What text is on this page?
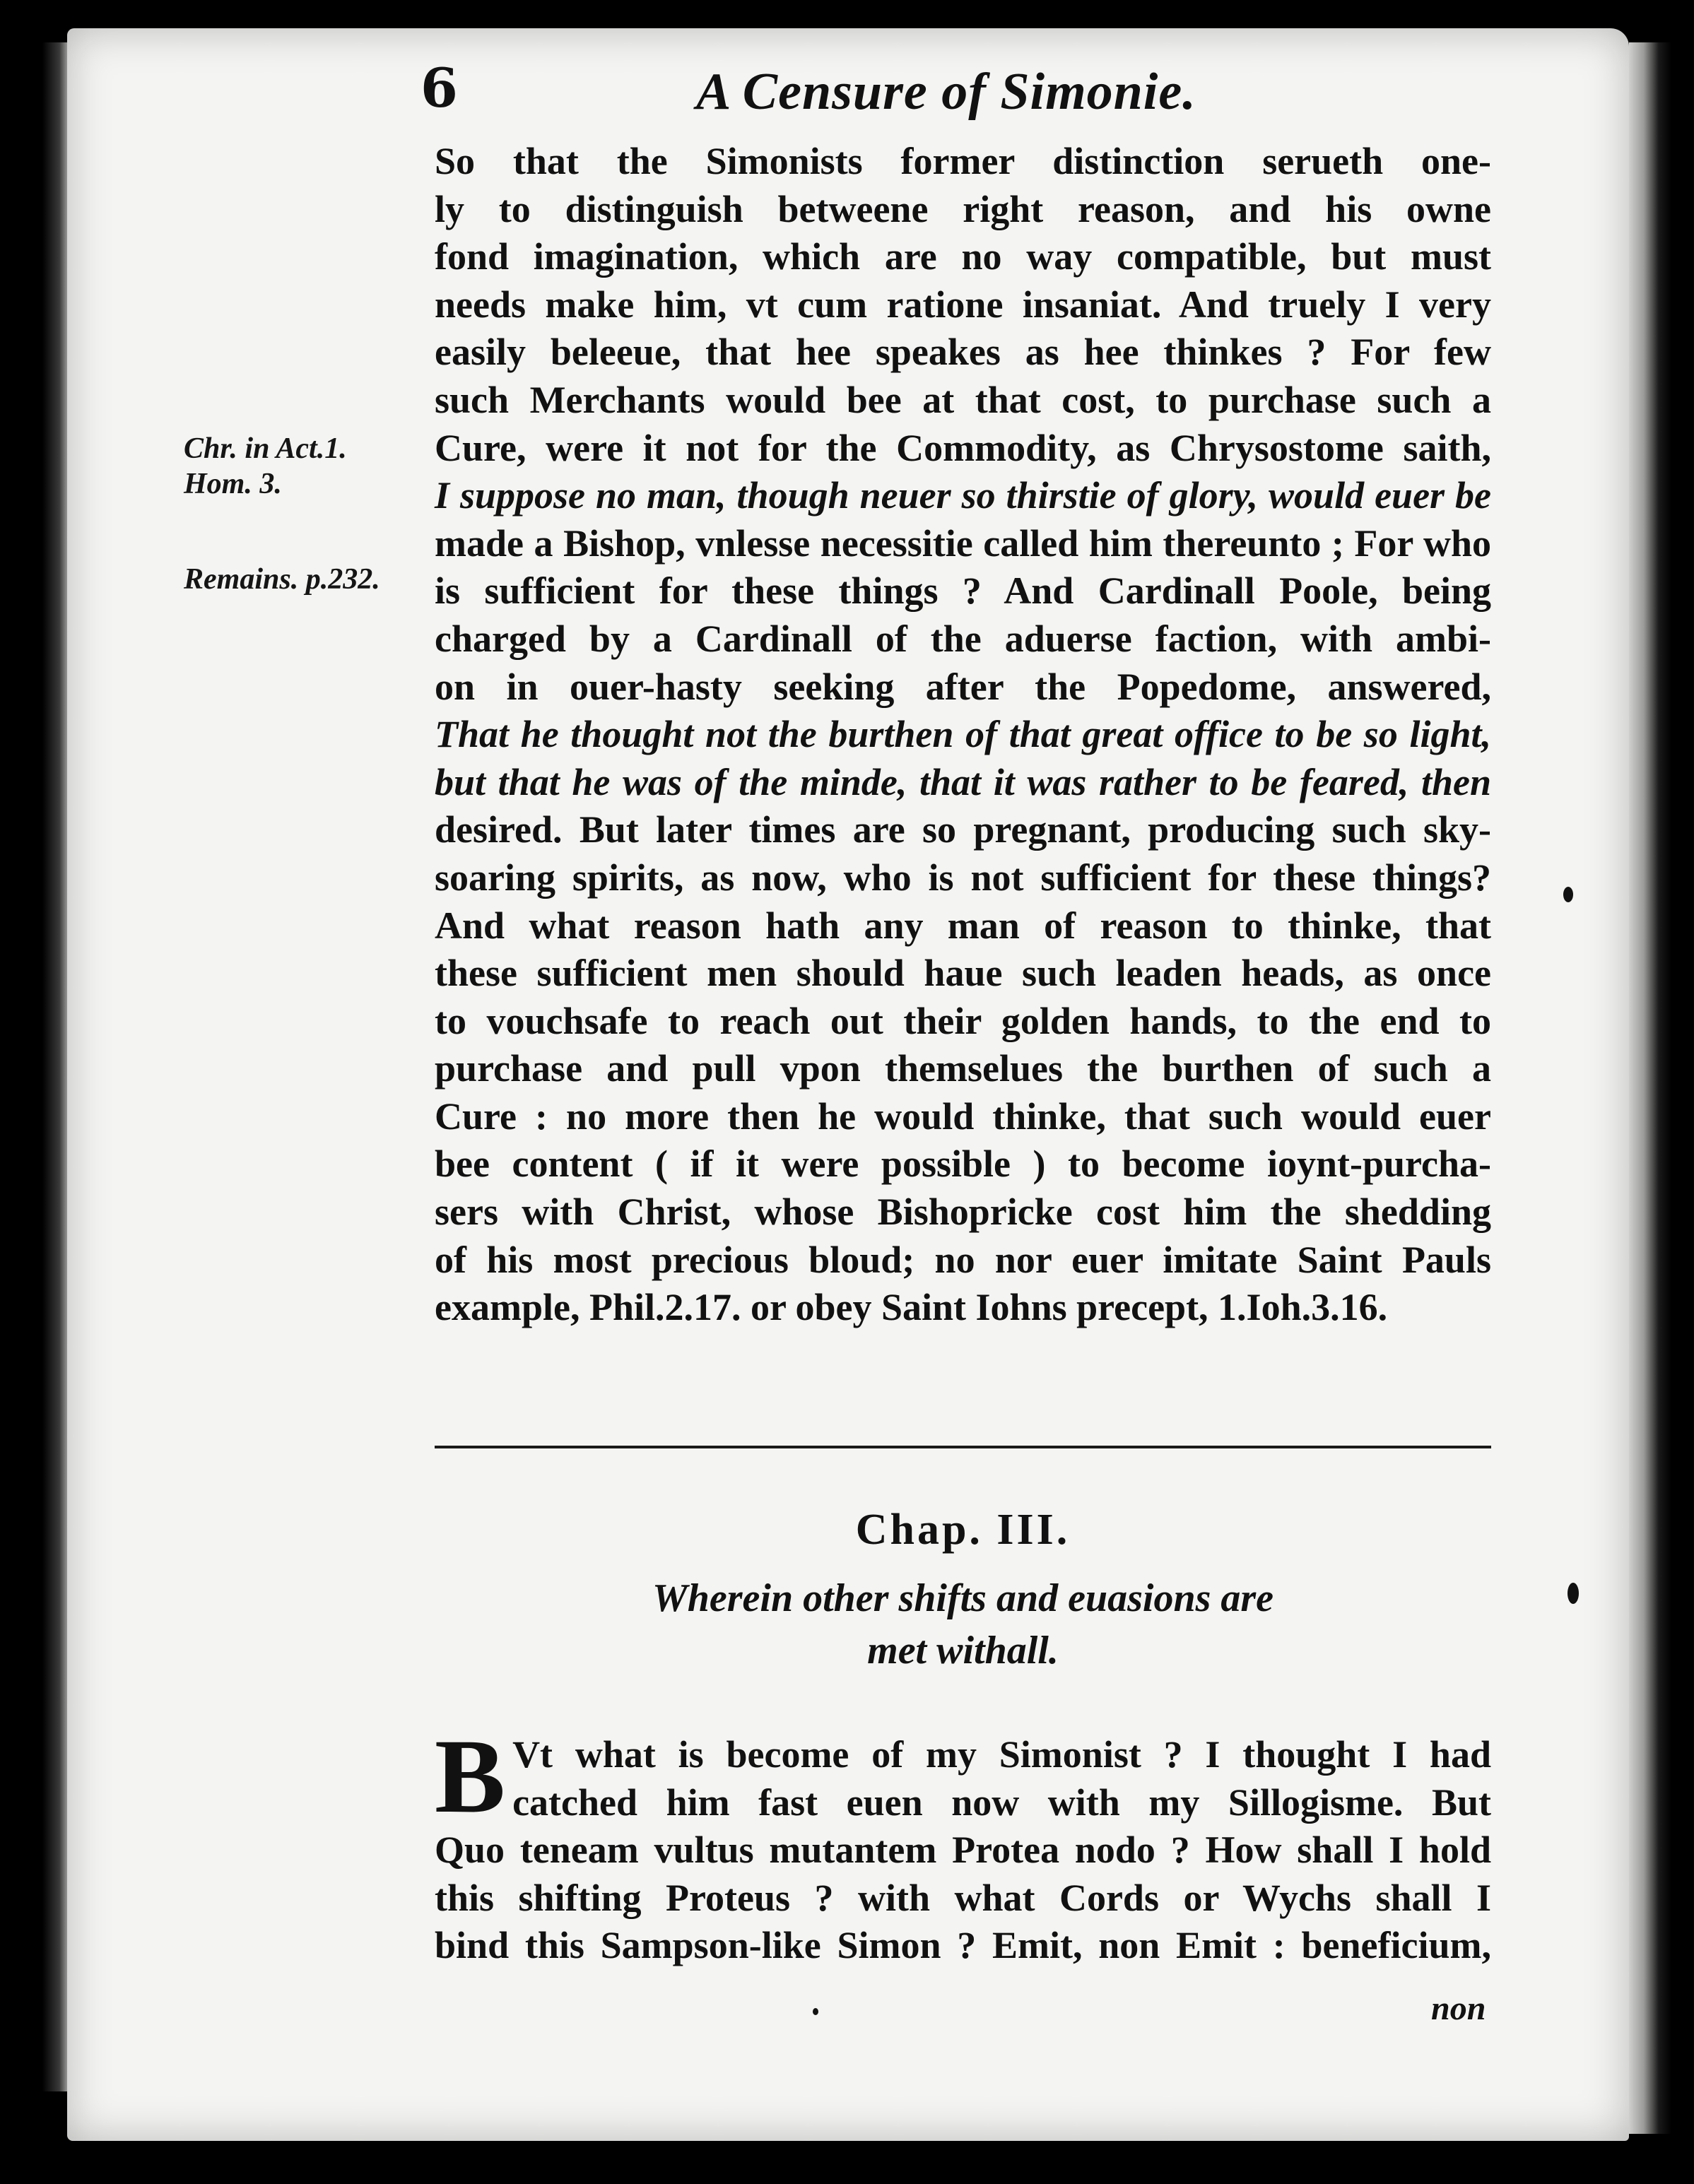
6	A Censure of Simonie.
Chr. in Act.1.
Hom. 3.
Remains. p.232.
So that the Simonists former distinction serueth one-
ly to distinguish betweene right reason, and his owne
fond imagination, which are no way compatible, but must
needs make him, vt cum ratione insaniat. And truely I very
easily beleeue, that hee speakes as hee thinkes ? For few
such Merchants would bee at that cost, to purchase such a
Cure, were it not for the Commodity, as Chrysostome saith,
I suppose no man, though neuer so thirstie of glory, would euer be
made a Bishop, vnlesse necessitie called him thereunto ; For who
is sufficient for these things ? And Cardinall Poole, being
charged by a Cardinall of the aduerse faction, with ambi-
on in ouer-hasty seeking after the Popedome, answered,
That he thought not the burthen of that great office to be so light,
but that he was of the minde, that it was rather to be feared, then
desired. But later times are so pregnant, producing such sky-
soaring spirits, as now, who is not sufficient for these things?
And what reason hath any man of reason to thinke, that
these sufficient men should haue such leaden heads, as once
to vouchsafe to reach out their golden hands, to the end to
purchase and pull vpon themselues the burthen of such a
Cure : no more then he would thinke, that such would euer
bee content ( if it were possible ) to become ioynt-purcha-
sers with Christ, whose Bishopricke cost him the shedding
of his most precious bloud; no nor euer imitate Saint Pauls
example, Phil.2.17. or obey Saint Iohns precept, 1.Ioh.3.16.
Chap. III.
Wherein other shifts and euasions are
met withall.
B Vt what is become of my Simonist ? I thought I had
catched him fast euen now with my Sillogisme. But
Quo teneam vultus mutantem Protea nodo ? How shall I hold
this shifting Proteus ? with what Cords or Wychs shall I
bind this Sampson-like Simon ? Emit, non Emit : beneficium,
non
